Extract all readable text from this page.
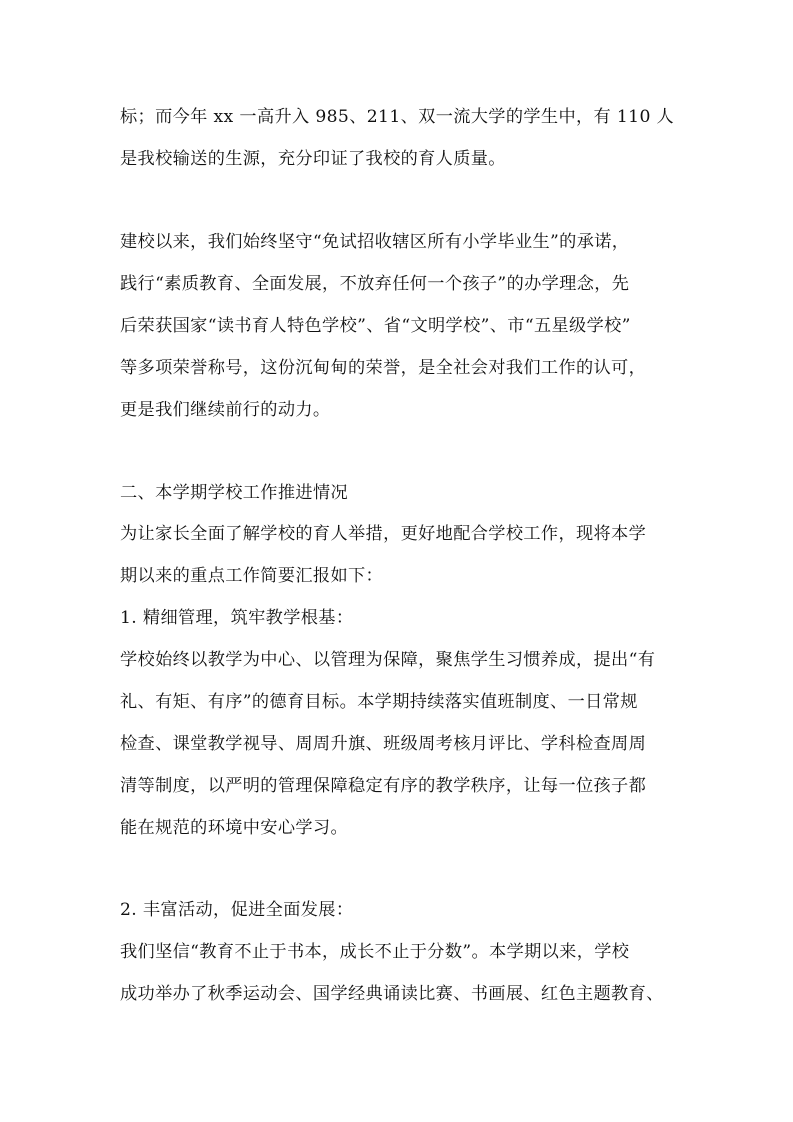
标；而今年 xx 一高升入 985、211、双一流大学的学生中，有 110 人
是我校输送的生源，充分印证了我校的育人质量。
建校以来，我们始终坚守“免试招收辖区所有小学毕业生”的承诺，
践行“素质教育、全面发展，不放弃任何一个孩子”的办学理念，先
后荣获国家“读书育人特色学校”、省“文明学校”、市“五星级学校”
等多项荣誉称号，这份沉甸甸的荣誉，是全社会对我们工作的认可，
更是我们继续前行的动力。
二、本学期学校工作推进情况
为让家长全面了解学校的育人举措，更好地配合学校工作，现将本学
期以来的重点工作简要汇报如下：
1. 精细管理，筑牢教学根基：
学校始终以教学为中心、以管理为保障，聚焦学生习惯养成，提出“有
礼、有矩、有序”的德育目标。本学期持续落实值班制度、一日常规
检查、课堂教学视导、周周升旗、班级周考核月评比、学科检查周周
清等制度，以严明的管理保障稳定有序的教学秩序，让每一位孩子都
能在规范的环境中安心学习。
2. 丰富活动，促进全面发展：
我们坚信“教育不止于书本，成长不止于分数”。本学期以来，学校
成功举办了秋季运动会、国学经典诵读比赛、书画展、红色主题教育、
